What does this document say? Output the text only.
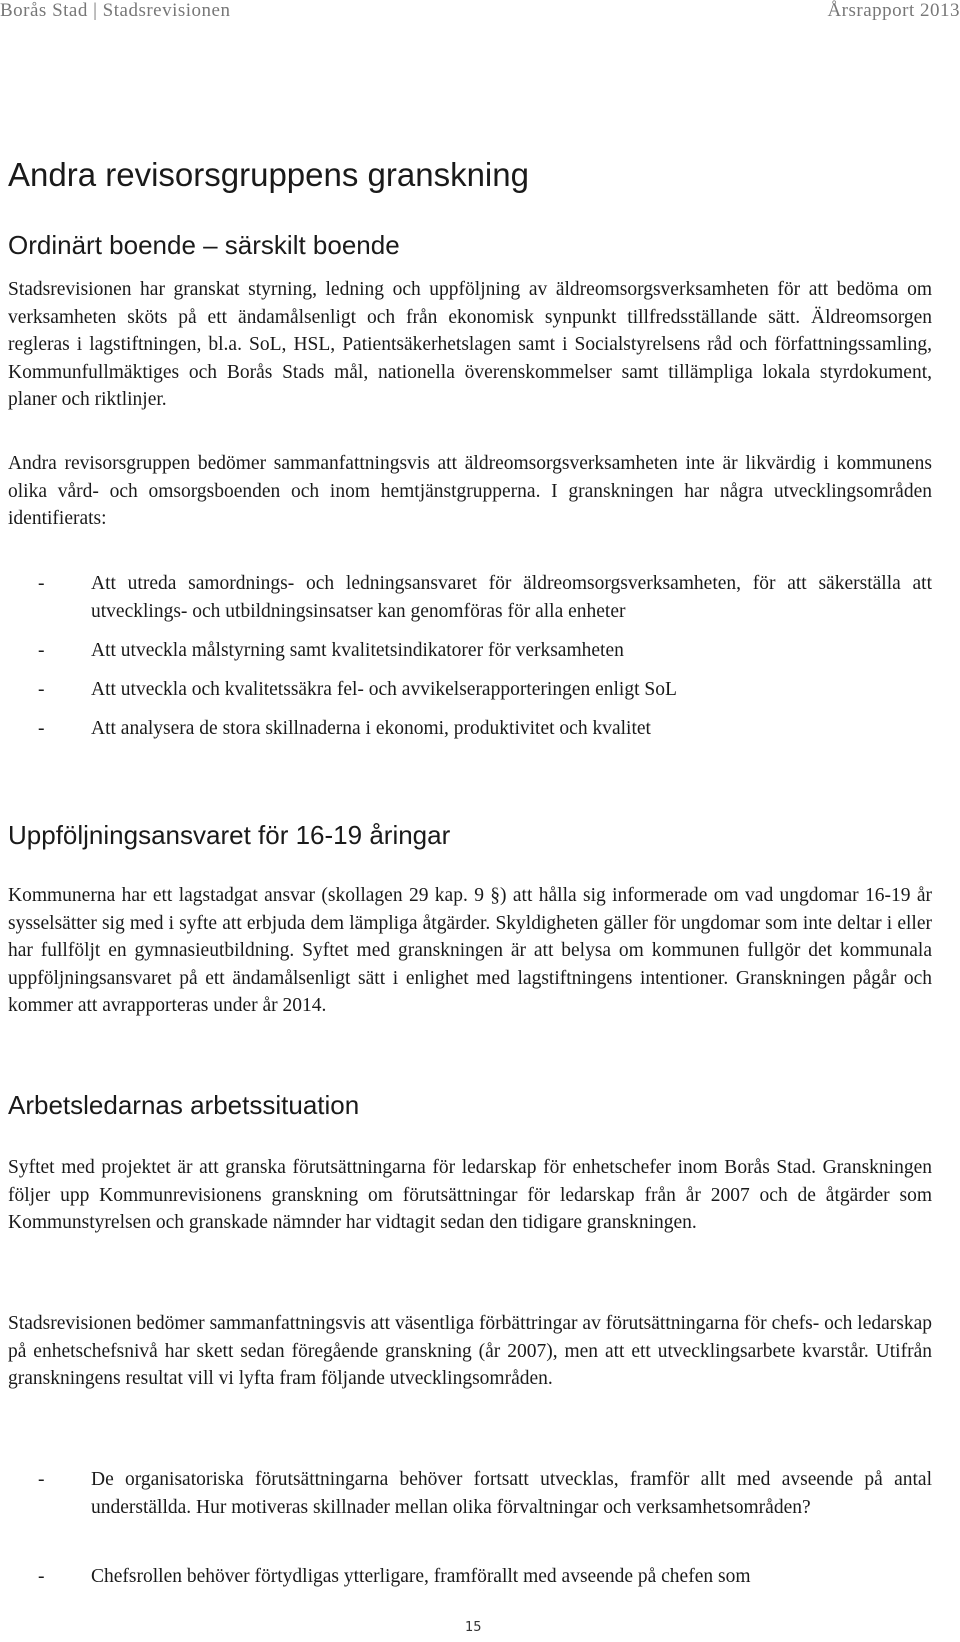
Borås Stad | Stadsrevisionen	Årsrapport 2013
Andra revisorsgruppens granskning
Ordinärt boende – särskilt boende

Stadsrevisionen har granskat styrning, ledning och uppföljning av äldreomsorgsverksamheten för att bedöma om verksamheten sköts på ett ändamålsenligt och från ekonomisk synpunkt tillfredsställande sätt. Äldreomsorgen regleras i lagstiftningen, bl.a. SoL, HSL, Patientsäkerhetslagen samt i Socialstyrelsens råd och författningssamling, Kommunfullmäktiges och Borås Stads mål, nationella överenskommelser samt tillämpliga lokala styrdokument, planer och riktlinjer.

Andra revisorsgruppen bedömer sammanfattningsvis att äldreomsorgsverksamheten inte är likvärdig i kommunens olika vård- och omsorgsboenden och inom hemtjänstgrupperna. I granskningen har några utvecklingsområden identifierats:

- Att utreda samordnings- och ledningsansvaret för äldreomsorgsverksamheten, för att säkerställa att utvecklings- och utbildningsinsatser kan genomföras för alla enheter
- Att utveckla målstyrning samt kvalitetsindikatorer för verksamheten
- Att utveckla och kvalitetssäkra fel- och avvikelserapporteringen enligt SoL
- Att analysera de stora skillnaderna i ekonomi, produktivitet och kvalitet
Uppföljningsansvaret för 16-19 åringar

Kommunerna har ett lagstadgat ansvar (skollagen 29 kap. 9 §) att hålla sig informerade om vad ungdomar 16-19 år sysselsätter sig med i syfte att erbjuda dem lämpliga åtgärder. Skyldigheten gäller för ungdomar som inte deltar i eller har fullföljt en gymnasieutbildning. Syftet med granskningen är att belysa om kommunen fullgör det kommunala uppföljningsansvaret på ett ändamålsenligt sätt i enlighet med lagstiftningens intentioner. Granskningen pågår och kommer att avrapporteras under år 2014.

Arbetsledarnas arbetssituation

Syftet med projektet är att granska förutsättningarna för ledarskap för enhetschefer inom Borås Stad. Granskningen följer upp Kommunrevisionens granskning om förutsättningar för ledarskap från år 2007 och de åtgärder som Kommunstyrelsen och granskade nämnder har vidtagit sedan den tidigare granskningen.

Stadsrevisionen bedömer sammanfattningsvis att väsentliga förbättringar av förutsättningarna för chefs- och ledarskap på enhetschefsnivå har skett sedan föregående granskning (år 2007), men att ett utvecklingsarbete kvarstår. Utifrån granskningens resultat vill vi lyfta fram följande utvecklingsområden.

- De organisatoriska förutsättningarna behöver fortsatt utvecklas, framför allt med avseende på antal underställda. Hur motiveras skillnader mellan olika förvaltningar och verksamhetsområden?
- Chefsrollen behöver förtydligas ytterligare, framförallt med avseende på chefen som
15
